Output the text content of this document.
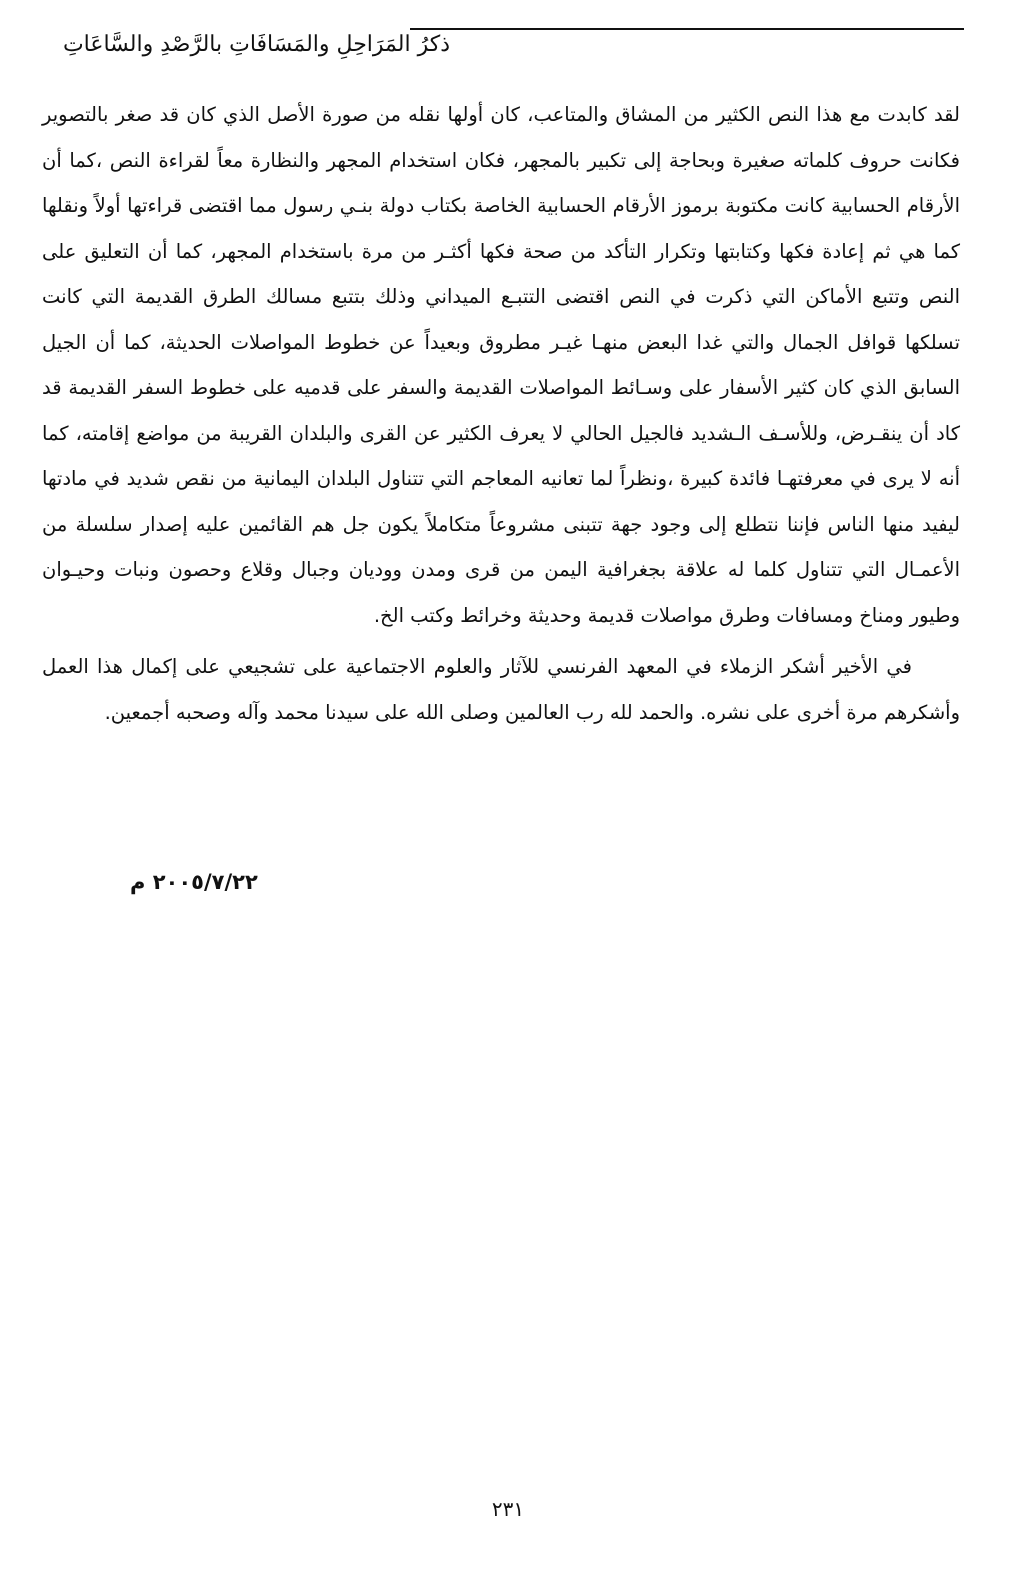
ذكرُ المَرَاحِلِ والمَسَافَاتِ بالرَّصْدِ والسَّاعَاتِ

لقد كابدت مع هذا النص الكثير من المشاق والمتاعب، كان أولها نقله من صورة الأصل الذي كان قد صغر بالتصوير فكانت حروف كلماته صغيرة وبحاجة إلى تكبير بالمجهر، فكان استخدام المجهر والنظارة معاً لقراءة النص ،كما أن الأرقام الحسابية كانت مكتوبة برموز الأرقام الحسابية الخاصة بكتاب دولة بنـي رسول مما اقتضى قراءتها أولاً ونقلها كما هي ثم إعادة فكها وكتابتها وتكرار التأكد من صحة فكها أكثـر من مرة باستخدام المجهر، كما أن التعليق على النص وتتبع الأماكن التي ذكرت في النص اقتضى التتبـع الميداني وذلك بتتبع مسالك الطرق القديمة التي كانت تسلكها قوافل الجمال والتي غدا البعض منهـا غيـر مطروق وبعيداً عن خطوط المواصلات الحديثة، كما أن الجيل السابق الذي كان كثير الأسفار على وسـائط المواصلات القديمة والسفر على قدميه على خطوط السفر القديمة قد كاد أن ينقـرض، وللأسـف الـشديد فالجيل الحالي لا يعرف الكثير عن القرى والبلدان القريبة من مواضع إقامته، كما أنه لا يرى في معرفتهـا فائدة كبيرة ،ونظراً لما تعانيه المعاجم التي تتناول البلدان اليمانية من نقص شديد في مادتها ليفيد منها الناس فإننا نتطلع إلى وجود جهة تتبنى مشروعاً متكاملاً يكون جل هم القائمين عليه إصدار سلسلة من الأعمـال التي تتناول كلما له علاقة بجغرافية اليمن من قرى ومدن ووديان وجبال وقلاع وحصون ونبات وحيـوان وطيور ومناخ ومسافات وطرق مواصلات قديمة وحديثة وخرائط وكتب الخ.

في الأخير أشكر الزملاء في المعهد الفرنسي للآثار والعلوم الاجتماعية على تشجيعي على إكمال هذا العمل وأشكرهم مرة أخرى على نشره. والحمد لله رب العالمين وصلى الله على سيدنا محمد وآله وصحبه أجمعين.

٢٠٠٥/٧/٢٢ م
٢٣١
